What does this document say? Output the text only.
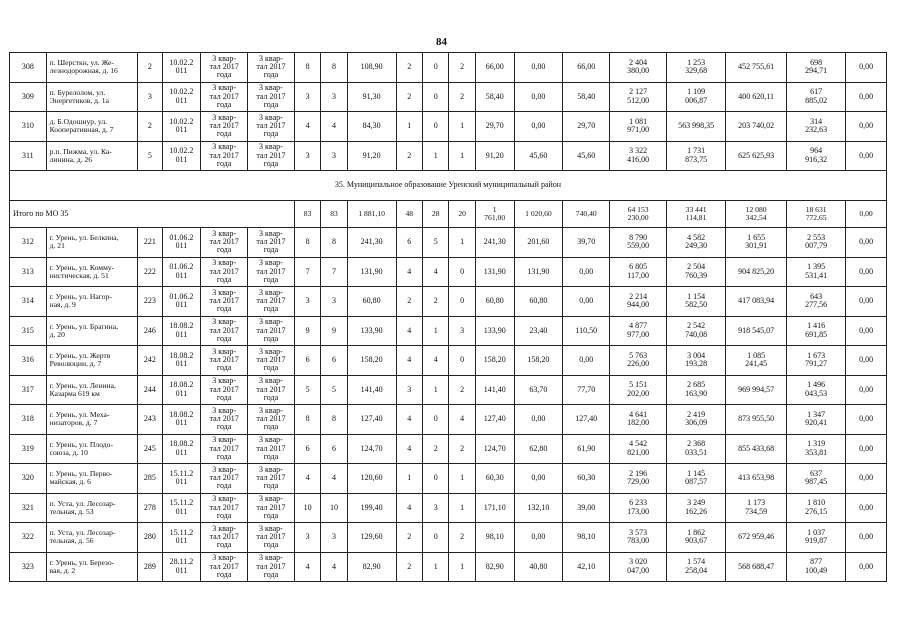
84
308	п. Шерсткн, ул. Же-
лезнодорожная, д. 16	2	10.02.2
011	3 квар-
тал 2017
года	3 квар-
тал 2017
года	8	8	108,90	2	0	2	66,00	0,00	66,00	2 404
380,00	1 253
329,68	452 755,61	698
294,71	0,00
309	п. Бурелолом, ул.
Энергетиков, д. 1а	3	10.02.2
011	3 квар-
тал 2017
года	3 квар-
тал 2017
года	3	3	91,30	2	0	2	58,40	0,00	58,40	2 127
512,00	1 109
006,87	400 620,11	617
885,02	0,00
310	д. Б.Одошнур, ул.
Кооперативная, д. 7	2	10.02.2
011	3 квар-
тал 2017
года	3 квар-
тал 2017
года	4	4	84,30	1	0	1	29,70	0,00	29,70	1 081
971,00	563 998,35	203 740,02	314
232,63	0,00
311	р.п. Пижма, ул. Ка-
линина, д. 26	5	10.02.2
011	3 квар-
тал 2017
года	3 квар-
тал 2017
года	3	3	91,20	2	1	1	91,20	45,60	45,60	3 322
416,00	1 731
873,75	625 625,93	964
916,32	0,00
35. Муниципальное образование Уренский муниципальный район																			
Итого по МО 35						83	83	1 881,10	48	28	20	1
761,00	1 020,60	740,40	64 153
230,00	33 441
114,81	12 080
342,54	18 631
772,65	0,00
312	г. Урень, ул. Белкина,
д. 21	221	01.06.2
011	3 квар-
тал 2017
года	3 квар-
тал 2017
года	8	8	241,30	6	5	1	241,30	201,60	39,70	8 790
559,00	4 582
249,30	1 655
301,91	2 553
007,79	0,00
313	г. Урень, ул. Комму-
нистическая, д. 51	222	01.06.2
011	3 квар-
тал 2017
года	3 квар-
тал 2017
года	7	7	131,90	4	4	0	131,90	131,90	0,00	6 805
117,00	2 504
760,39	904 825,20	1 395
531,41	0,00
314	г. Урень, ул. Нагор-
ная, д. 9	223	01.06.2
011	3 квар-
тал 2017
года	3 квар-
тал 2017
года	3	3	60,80	2	2	0	60,80	60,80	0,00	2 214
944,00	1 154
582,50	417 083,94	643
277,56	0,00
315	г. Урень, ул. Брагина,
д. 20	246	18.08.2
011	3 квар-
тал 2017
года	3 квар-
тал 2017
года	9	9	133,90	4	1	3	133,90	23,40	110,50	4 877
977,00	2 542
740,08	918 545,07	1 416
691,85	0,00
316	г. Урень, ул. Жертв
Революции, д. 7	242	18.08.2
011	3 квар-
тал 2017
года	3 квар-
тал 2017
года	6	6	158,20	4	4	0	158,20	158,20	0,00	5 763
226,00	3 004
193,28	1 085
241,45	1 673
791,27	0,00
317	г. Урень, ул. Ленина,
Казарма 619 км	244	18.08.2
011	3 квар-
тал 2017
года	3 квар-
тал 2017
года	5	5	141,40	3	1	2	141,40	63,70	77,70	5 151
202,00	2 685
163,90	969 994,57	1 496
043,53	0,00
318	г. Урень, ул. Меха-
низаторов, д. 7	243	18.08.2
011	3 квар-
тал 2017
года	3 квар-
тал 2017
года	8	8	127,40	4	0	4	127,40	0,00	127,40	4 641
182,00	2 419
306,09	873 955,50	1 347
920,41	0,00
319	г. Урень, ул. Плодо-
союза, д. 10	245	18.08.2
011	3 квар-
тал 2017
года	3 квар-
тал 2017
года	6	6	124,70	4	2	2	124,70	62,80	61,90	4 542
821,00	2 368
033,51	855 433,68	1 319
353,81	0,00
320	г. Урень, ул. Перво-
майская, д. 6	285	15.11.2
011	3 квар-
тал 2017
года	3 квар-
тал 2017
года	4	4	120,60	1	0	1	60,30	0,00	60,30	2 196
729,00	1 145
087,57	413 653,98	637
987,45	0,00
321	п. Уста, ул. Лесозар-
тельная, д. 53	278	15.11.2
011	3 квар-
тал 2017
года	3 квар-
тал 2017
года	10	10	199,40	4	3	1	171,10	132,10	39,00	6 233
173,00	3 249
162,26	1 173
734,59	1 810
276,15	0,00
322	п. Уста, ул. Лесозар-
тельная, д. 56	280	15.11.2
011	3 квар-
тал 2017
года	3 квар-
тал 2017
года	3	3	129,60	2	0	2	98,10	0,00	98,10	3 573
783,00	1 862
903,67	672 959,46	1 037
919,87	0,00
323	г. Урень, ул. Березо-
вая, д. 2	289	28.11.2
011	3 квар-
тал 2017
года	3 квар-
тал 2017
года	4	4	82,90	2	1	1	82,90	40,80	42,10	3 020
047,00	1 574
258,04	568 688,47	877
100,49	0,00
